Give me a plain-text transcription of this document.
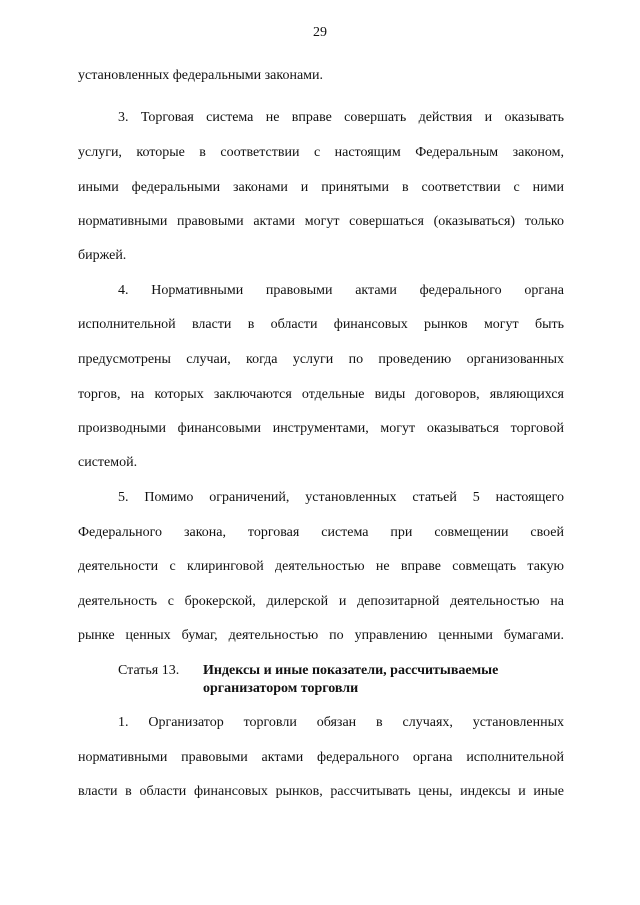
29
установленных федеральными законами.
3. Торговая система не вправе совершать действия и оказывать
услуги, которые в соответствии с настоящим Федеральным законом,
иными федеральными законами и принятыми в соответствии с ними
нормативными правовыми актами могут совершаться (оказываться) только
биржей.
4. Нормативными правовыми актами федерального органа
исполнительной власти в области финансовых рынков могут быть
предусмотрены случаи, когда услуги по проведению организованных
торгов, на которых заключаются отдельные виды договоров, являющихся
производными финансовыми инструментами, могут оказываться торговой
системой.
5. Помимо ограничений, установленных статьей 5 настоящего
Федерального закона, торговая система при совмещении своей
деятельности с клиринговой деятельностью не вправе совмещать такую
деятельность с брокерской, дилерской и депозитарной деятельностью на
рынке ценных бумаг, деятельностью по управлению ценными бумагами.
Статья 13. Индексы и иные показатели, рассчитываемые
организатором торговли
1. Организатор торговли обязан в случаях, установленных
нормативными правовыми актами федерального органа исполнительной
власти в области финансовых рынков, рассчитывать цены, индексы и иные
